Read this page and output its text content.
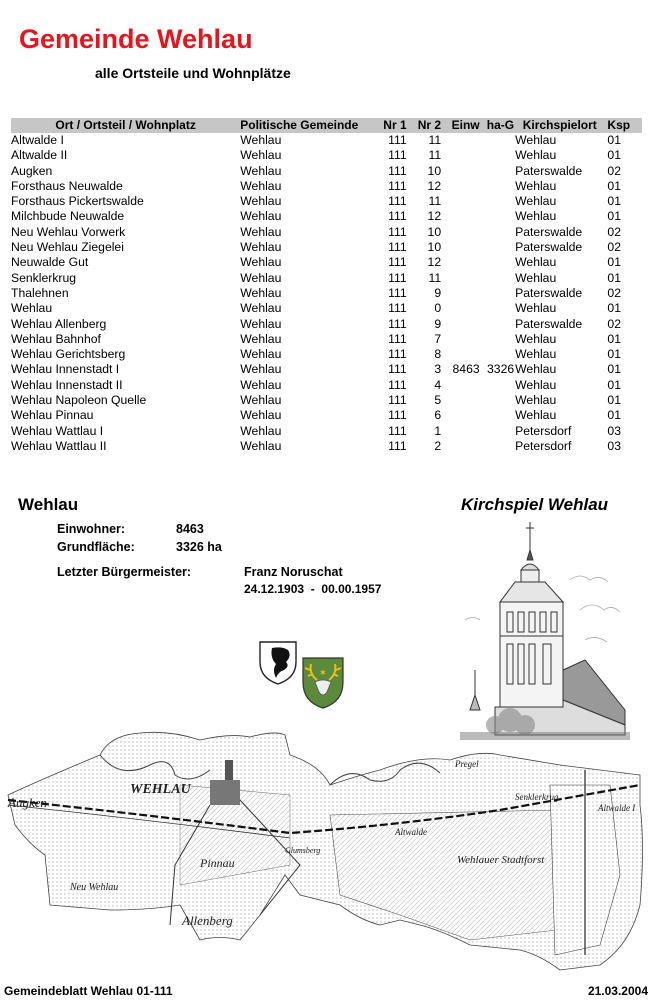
Gemeinde Wehlau
alle Ortsteile und Wohnplätze
Ort / Ortsteil / Wohnplatz	Politische Gemeinde	Nr 1	Nr 2	Einw	ha-G	Kirchspielort	Ksp
Altwalde I	Wehlau	111	11			Wehlau	01
Altwalde II	Wehlau	111	11			Wehlau	01
Augken	Wehlau	111	10			Paterswalde	02
Forsthaus Neuwalde	Wehlau	111	12			Wehlau	01
Forsthaus Pickertswalde	Wehlau	111	11			Wehlau	01
Milchbude Neuwalde	Wehlau	111	12			Wehlau	01
Neu Wehlau Vorwerk	Wehlau	111	10			Paterswalde	02
Neu Wehlau Ziegelei	Wehlau	111	10			Paterswalde	02
Neuwalde Gut	Wehlau	111	12			Wehlau	01
Senklerkrug	Wehlau	111	11			Wehlau	01
Thalehnen	Wehlau	111	9			Paterswalde	02
Wehlau	Wehlau	111	0			Wehlau	01
Wehlau Allenberg	Wehlau	111	9			Paterswalde	02
Wehlau Bahnhof	Wehlau	111	7			Wehlau	01
Wehlau Gerichtsberg	Wehlau	111	8			Wehlau	01
Wehlau Innenstadt I	Wehlau	111	3	8463	3326	Wehlau	01
Wehlau Innenstadt II	Wehlau	111	4			Wehlau	01
Wehlau Napoleon Quelle	Wehlau	111	5			Wehlau	01
Wehlau Pinnau	Wehlau	111	6			Wehlau	01
Wehlau Wattlau I	Wehlau	111	1			Petersdorf	03
Wehlau Wattlau II	Wehlau	111	2			Petersdorf	03
Wehlau	Kirchspiel Wehlau
Einwohner:	8463
Grundfläche:	3326 ha
Letzter Bürgermeister:	Franz Noruschat
24.12.1903  -  00.00.1957
✶
WEHLAU
Augken
Neu Wehlau
Allenberg
Pinnau
Glumsberg
Altwalde
Senklerkrug
Pregel
Wehlauer Stadtforst
Altwalde I
Gemeindeblatt Wehlau 01-111	21.03.2004
